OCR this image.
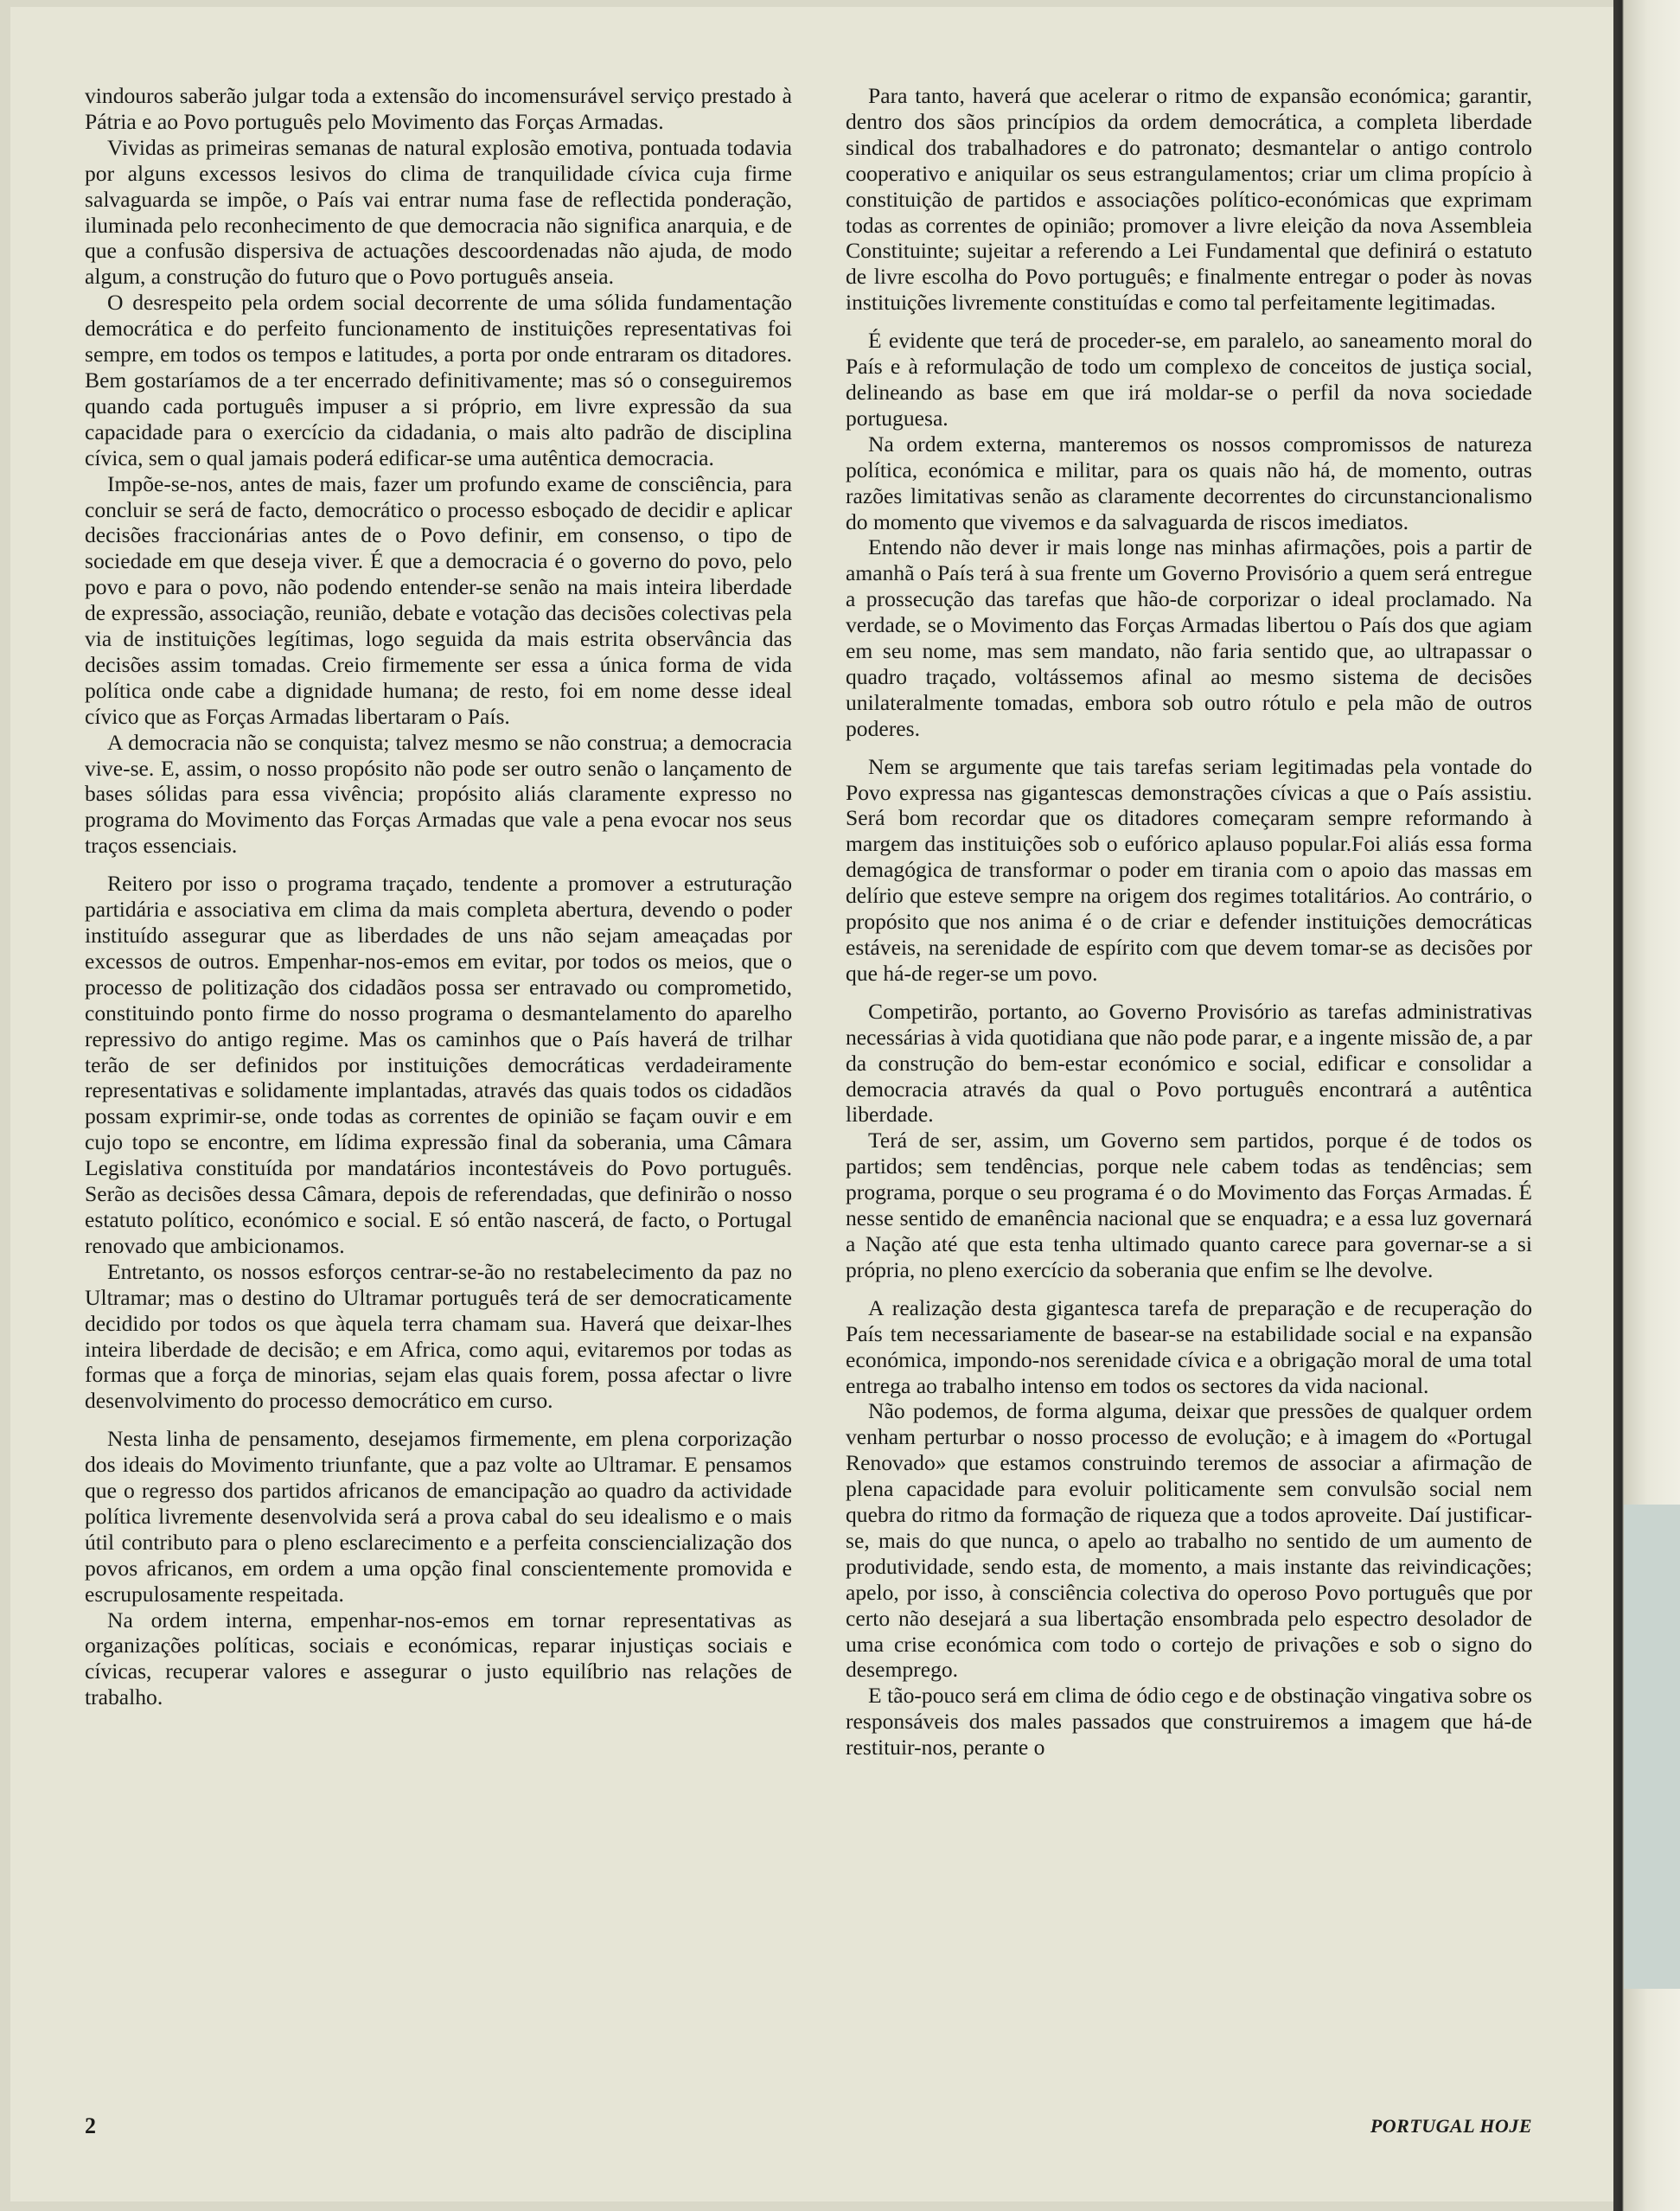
vindouros saberão julgar toda a extensão do incomensurável serviço prestado à Pátria e ao Povo português pelo Movimento das Forças Armadas.

Vividas as primeiras semanas de natural explosão emotiva, pontuada todavia por alguns excessos lesivos do clima de tranquilidade cívica cuja firme salvaguarda se impõe, o País vai entrar numa fase de reflectida ponderação, iluminada pelo reconhecimento de que democracia não significa anarquia, e de que a confusão dispersiva de actuações descoordenadas não ajuda, de modo algum, a construção do futuro que o Povo português anseia.

O desrespeito pela ordem social decorrente de uma sólida fundamentação democrática e do perfeito funcionamento de instituições representativas foi sempre, em todos os tempos e latitudes, a porta por onde entraram os ditadores. Bem gostaríamos de a ter encerrado definitivamente; mas só o conseguiremos quando cada português impuser a si próprio, em livre expressão da sua capacidade para o exercício da cidadania, o mais alto padrão de disciplina cívica, sem o qual jamais poderá edificar-se uma autêntica democracia.

Impõe-se-nos, antes de mais, fazer um profundo exame de consciência, para concluir se será de facto, democrático o processo esboçado de decidir e aplicar decisões fraccionárias antes de o Povo definir, em consenso, o tipo de sociedade em que deseja viver. É que a democracia é o governo do povo, pelo povo e para o povo, não podendo entender-se senão na mais inteira liberdade de expressão, associação, reunião, debate e votação das decisões colectivas pela via de instituições legítimas, logo seguida da mais estrita observância das decisões assim tomadas. Creio firmemente ser essa a única forma de vida política onde cabe a dignidade humana; de resto, foi em nome desse ideal cívico que as Forças Armadas libertaram o País.

A democracia não se conquista; talvez mesmo se não construa; a democracia vive-se. E, assim, o nosso propósito não pode ser outro senão o lançamento de bases sólidas para essa vivência; propósito aliás claramente expresso no programa do Movimento das Forças Armadas que vale a pena evocar nos seus traços essenciais.

Reitero por isso o programa traçado, tendente a promover a estruturação partidária e associativa em clima da mais completa abertura, devendo o poder instituído assegurar que as liberdades de uns não sejam ameaçadas por excessos de outros. Empenhar-nos-emos em evitar, por todos os meios, que o processo de politização dos cidadãos possa ser entravado ou comprometido, constituindo ponto firme do nosso programa o desmantelamento do aparelho repressivo do antigo regime. Mas os caminhos que o País haverá de trilhar terão de ser definidos por instituições democráticas verdadeiramente representativas e solidamente implantadas, através das quais todos os cidadãos possam exprimir-se, onde todas as correntes de opinião se façam ouvir e em cujo topo se encontre, em lídima expressão final da soberania, uma Câmara Legislativa constituída por mandatários incontestáveis do Povo português. Serão as decisões dessa Câmara, depois de referendadas, que definirão o nosso estatuto político, económico e social. E só então nascerá, de facto, o Portugal renovado que ambicionamos.

Entretanto, os nossos esforços centrar-se-ão no restabelecimento da paz no Ultramar; mas o destino do Ultramar português terá de ser democraticamente decidido por todos os que àquela terra chamam sua. Haverá que deixar-lhes inteira liberdade de decisão; e em Africa, como aqui, evitaremos por todas as formas que a força de minorias, sejam elas quais forem, possa afectar o livre desenvolvimento do processo democrático em curso.

Nesta linha de pensamento, desejamos firmemente, em plena corporização dos ideais do Movimento triunfante, que a paz volte ao Ultramar. E pensamos que o regresso dos partidos africanos de emancipação ao quadro da actividade política livremente desenvolvida será a prova cabal do seu idealismo e o mais útil contributo para o pleno esclarecimento e a perfeita consciencialização dos povos africanos, em ordem a uma opção final conscientemente promovida e escrupulosamente respeitada.

Na ordem interna, empenhar-nos-emos em tornar representativas as organizações políticas, sociais e económicas, reparar injustiças sociais e cívicas, recuperar valores e assegurar o justo equilíbrio nas relações de trabalho.

Para tanto, haverá que acelerar o ritmo de expansão económica; garantir, dentro dos sãos princípios da ordem democrática, a completa liberdade sindical dos trabalhadores e do patronato; desmantelar o antigo controlo cooperativo e aniquilar os seus estrangulamentos; criar um clima propício à constituição de partidos e associações político-económicas que exprimam todas as correntes de opinião; promover a livre eleição da nova Assembleia Constituinte; sujeitar a referendo a Lei Fundamental que definirá o estatuto de livre escolha do Povo português; e finalmente entregar o poder às novas instituições livremente constituídas e como tal perfeitamente legitimadas.

É evidente que terá de proceder-se, em paralelo, ao saneamento moral do País e à reformulação de todo um complexo de conceitos de justiça social, delineando as base em que irá moldar-se o perfil da nova sociedade portuguesa.

Na ordem externa, manteremos os nossos compromissos de natureza política, económica e militar, para os quais não há, de momento, outras razões limitativas senão as claramente decorrentes do circunstancionalismo do momento que vivemos e da salvaguarda de riscos imediatos.

Entendo não dever ir mais longe nas minhas afirmações, pois a partir de amanhã o País terá à sua frente um Governo Provisório a quem será entregue a prossecução das tarefas que hão-de corporizar o ideal proclamado. Na verdade, se o Movimento das Forças Armadas libertou o País dos que agiam em seu nome, mas sem mandato, não faria sentido que, ao ultrapassar o quadro traçado, voltássemos afinal ao mesmo sistema de decisões unilateralmente tomadas, embora sob outro rótulo e pela mão de outros poderes.

Nem se argumente que tais tarefas seriam legitimadas pela vontade do Povo expressa nas gigantescas demonstrações cívicas a que o País assistiu. Será bom recordar que os ditadores começaram sempre reformando à margem das instituições sob o eufórico aplauso popular.Foi aliás essa forma demagógica de transformar o poder em tirania com o apoio das massas em delírio que esteve sempre na origem dos regimes totalitários. Ao contrário, o propósito que nos anima é o de criar e defender instituições democráticas estáveis, na serenidade de espírito com que devem tomar-se as decisões por que há-de reger-se um povo.

Competirão, portanto, ao Governo Provisório as tarefas administrativas necessárias à vida quotidiana que não pode parar, e a ingente missão de, a par da construção do bem-estar económico e social, edificar e consolidar a democracia através da qual o Povo português encontrará a autêntica liberdade.

Terá de ser, assim, um Governo sem partidos, porque é de todos os partidos; sem tendências, porque nele cabem todas as tendências; sem programa, porque o seu programa é o do Movimento das Forças Armadas. É nesse sentido de emanência nacional que se enquadra; e a essa luz governará a Nação até que esta tenha ultimado quanto carece para governar-se a si própria, no pleno exercício da soberania que enfim se lhe devolve.

A realização desta gigantesca tarefa de preparação e de recuperação do País tem necessariamente de basear-se na estabilidade social e na expansão económica, impondo-nos serenidade cívica e a obrigação moral de uma total entrega ao trabalho intenso em todos os sectores da vida nacional.

Não podemos, de forma alguma, deixar que pressões de qualquer ordem venham perturbar o nosso processo de evolução; e à imagem do «Portugal Renovado» que estamos construindo teremos de associar a afirmação de plena capacidade para evoluir politicamente sem convulsão social nem quebra do ritmo da formação de riqueza que a todos aproveite. Daí justificar-se, mais do que nunca, o apelo ao trabalho no sentido de um aumento de produtividade, sendo esta, de momento, a mais instante das reivindicações; apelo, por isso, à consciência colectiva do operoso Povo português que por certo não desejará a sua libertação ensombrada pelo espectro desolador de uma crise económica com todo o cortejo de privações e sob o signo do desemprego.

E tão-pouco será em clima de ódio cego e de obstinação vingativa sobre os responsáveis dos males passados que construiremos a imagem que há-de restituir-nos, perante o

2	PORTUGAL HOJE
